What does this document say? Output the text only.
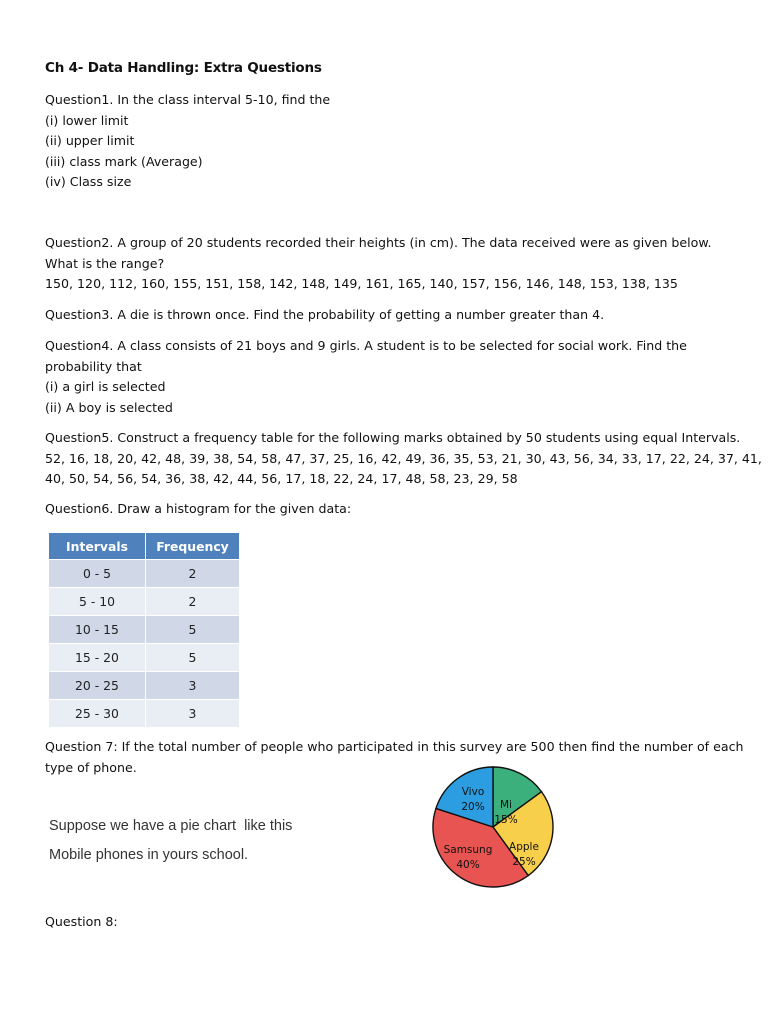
Ch 4- Data Handling: Extra Questions

Question1. In the class interval 5-10, find the

(i) lower limit

(ii) upper limit

(iii) class mark (Average)

(iv) Class size

Question2. A group of 20 students recorded their heights (in cm). The data received were as given below.

What is the range?

150, 120, 112, 160, 155, 151, 158, 142, 148, 149, 161, 165, 140, 157, 156, 146, 148, 153, 138, 135

Question3. A die is thrown once. Find the probability of getting a number greater than 4.

Question4. A class consists of 21 boys and 9 girls. A student is to be selected for social work. Find the

probability that

(i) a girl is selected

(ii) A boy is selected

Question5. Construct a frequency table for the following marks obtained by 50 students using equal Intervals.

52, 16, 18, 20, 42, 48, 39, 38, 54, 58, 47, 37, 25, 16, 42, 49, 36, 35, 53, 21, 30, 43, 56, 34, 33, 17, 22, 24, 37, 41,

40, 50, 54, 56, 54, 36, 38, 42, 44, 56, 17, 18, 22, 24, 17, 48, 58, 23, 29, 58

Question6. Draw a histogram for the given data:

Intervals	Frequency
0 - 5	2
5 - 10	2
10 - 15	5
15 - 20	5
20 - 25	3
25 - 30	3

Question 7: If the total number of people who participated in this survey are 500 then find the number of each

type of phone.

Suppose we have a pie chart  like this
Mobile phones in yours school.
Mi
15%
Apple
25%
Samsung
40%
Vivo
20%

Question 8:
